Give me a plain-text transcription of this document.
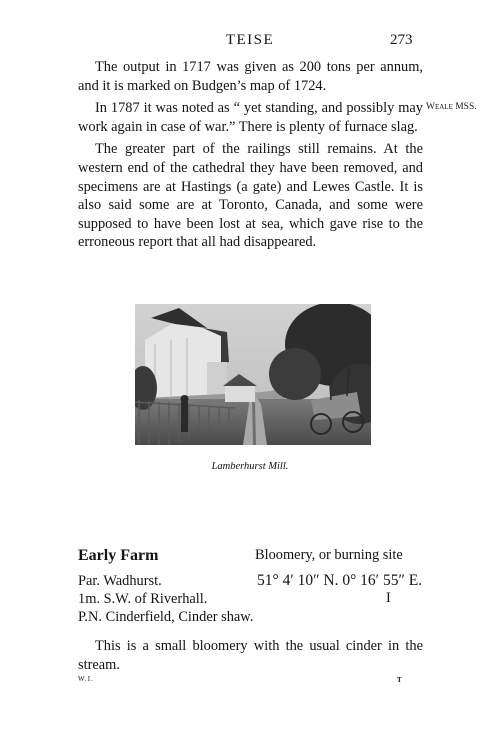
TEISE	273

The output in 1717 was given as 200 tons per annum, and it is marked on Budgen’s map of 1724.

In 1787 it was noted as “ yet standing, and possibly may work again in case of war.” There is plenty of furnace slag.

The greater part of the railings still remains. At the western end of the cathedral they have been removed, and specimens are at Hastings (a gate) and Lewes Castle. It is also said some are at Toronto, Canada, and some were supposed to have been lost at sea, which gave rise to the erroneous report that all had disappeared.

Weale MSS.
Lamberhurst Mill.
Early Farm	Bloomery, or burning site
Par. Wadhurst.	51° 4′ 10″ N. 0° 16′ 55″ E.
1m. S.W. of Riverhall.	I
P.N. Cinderfield, Cinder shaw.

This is a small bloomery with the usual cinder in the stream.

W.I.	T
